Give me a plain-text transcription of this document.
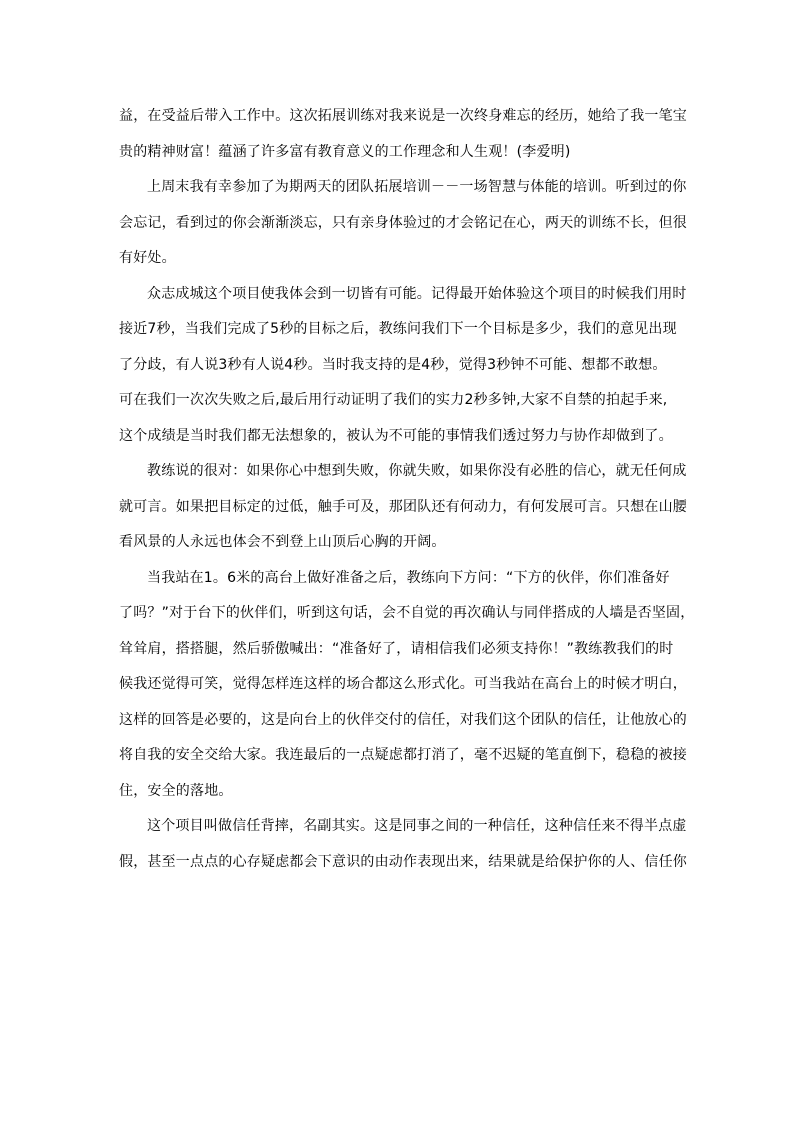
益，在受益后带入工作中。这次拓展训练对我来说是一次终身难忘的经历，她给了我一笔宝
贵的精神财富！蕴涵了许多富有教育意义的工作理念和人生观！(李爱明)
上周末我有幸参加了为期两天的团队拓展培训－－一场智慧与体能的培训。听到过的你
会忘记，看到过的你会渐渐淡忘，只有亲身体验过的才会铭记在心，两天的训练不长，但很
有好处。
众志成城这个项目使我体会到一切皆有可能。记得最开始体验这个项目的时候我们用时
接近7秒，当我们完成了5秒的目标之后，教练问我们下一个目标是多少，我们的意见出现
了分歧，有人说3秒有人说4秒。当时我支持的是4秒，觉得3秒钟不可能、想都不敢想。
可在我们一次次失败之后,最后用行动证明了我们的实力2秒多钟,大家不自禁的拍起手来,
这个成绩是当时我们都无法想象的，被认为不可能的事情我们透过努力与协作却做到了。
教练说的很对：如果你心中想到失败，你就失败，如果你没有必胜的信心，就无任何成
就可言。如果把目标定的过低，触手可及，那团队还有何动力，有何发展可言。只想在山腰
看风景的人永远也体会不到登上山顶后心胸的开阔。
当我站在1。6米的高台上做好准备之后，教练向下方问：“下方的伙伴，你们准备好
了吗？”对于台下的伙伴们，听到这句话，会不自觉的再次确认与同伴搭成的人墙是否坚固，
耸耸肩，搭搭腿，然后骄傲喊出：“准备好了，请相信我们必须支持你！”教练教我们的时
候我还觉得可笑，觉得怎样连这样的场合都这么形式化。可当我站在高台上的时候才明白，
这样的回答是必要的，这是向台上的伙伴交付的信任，对我们这个团队的信任，让他放心的
将自我的安全交给大家。我连最后的一点疑虑都打消了，毫不迟疑的笔直倒下，稳稳的被接
住，安全的落地。
这个项目叫做信任背摔，名副其实。这是同事之间的一种信任，这种信任来不得半点虚
假，甚至一点点的心存疑虑都会下意识的由动作表现出来，结果就是给保护你的人、信任你
